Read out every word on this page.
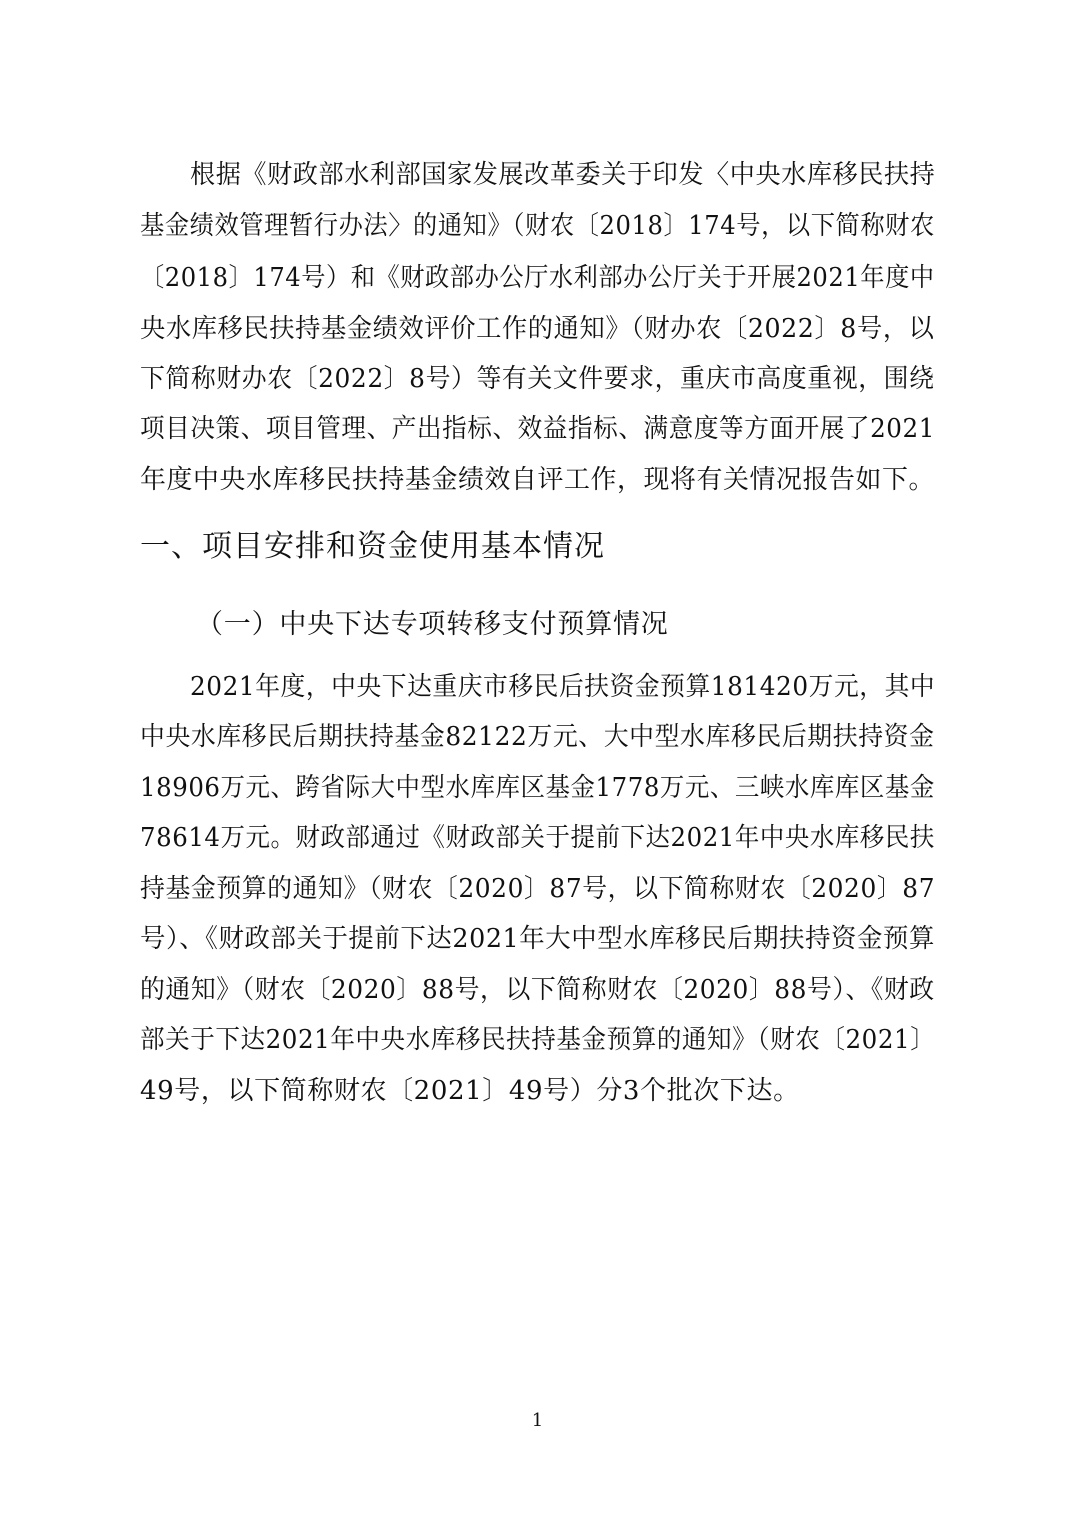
根据《财政部水利部国家发展改革委关于印发〈中央水库移民扶持
基金绩效管理暂行办法〉的通知》（财农〔2018〕174号，以下简称财农
〔2018〕174号）和《财政部办公厅水利部办公厅关于开展2021年度中
央水库移民扶持基金绩效评价工作的通知》（财办农〔2022〕8号，以
下简称财办农〔2022〕8号）等有关文件要求，重庆市高度重视，围绕
项目决策、项目管理、产出指标、效益指标、满意度等方面开展了2021
年度中央水库移民扶持基金绩效自评工作，现将有关情况报告如下。
一、项目安排和资金使用基本情况
（一）中央下达专项转移支付预算情况
2021年度，中央下达重庆市移民后扶资金预算181420万元，其中
中央水库移民后期扶持基金82122万元、大中型水库移民后期扶持资金
18906万元、跨省际大中型水库库区基金1778万元、三峡水库库区基金
78614万元。财政部通过《财政部关于提前下达2021年中央水库移民扶
持基金预算的通知》（财农〔2020〕87号，以下简称财农〔2020〕87
号）、《财政部关于提前下达2021年大中型水库移民后期扶持资金预算
的通知》（财农〔2020〕88号，以下简称财农〔2020〕88号）、《财政
部关于下达2021年中央水库移民扶持基金预算的通知》（财农〔2021〕
49号，以下简称财农〔2021〕49号）分3个批次下达。
1
